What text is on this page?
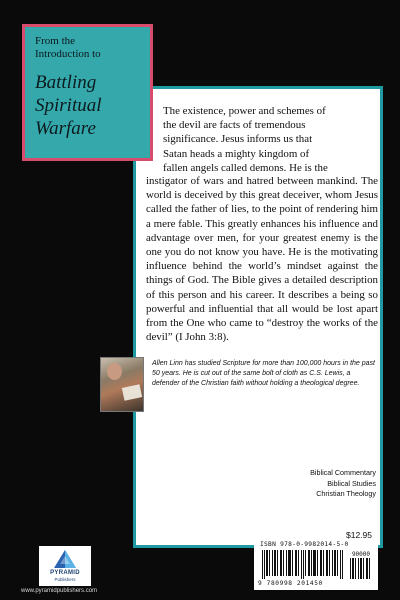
From the
Introduction to
Battling
Spiritual
Warfare
The existence, power and schemes of
the devil are facts of tremendous
significance. Jesus informs us that
Satan heads a mighty kingdom of
fallen angels called demons. He is the
instigator of wars and hatred between mankind. The world is deceived by this great deceiver, whom Jesus called the father of lies, to the point of rendering him a mere fable. This greatly enhances his influence and advantage over men, for your greatest enemy is the one you do not know you have. He is the motivating influence behind the world’s mindset against the things of God. The Bible gives a detailed description of this person and his career. It describes a being so powerful and influential that all would be lost apart from the One who came to “destroy the works of the devil” (I John 3:8).
Allen Linn has studied Scripture for more than 100,000 hours in the past 50 years. He is cut out of the same bolt of cloth as C.S. Lewis, a defender of the Christian faith without holding a theological degree.
Biblical Commentary
Biblical Studies
Christian Theology
$12.95
ISBN 978-0-9982014-5-0
90000
9 780998 201450
PYRAMID
Publishers
www.pyramidpublishers.com
